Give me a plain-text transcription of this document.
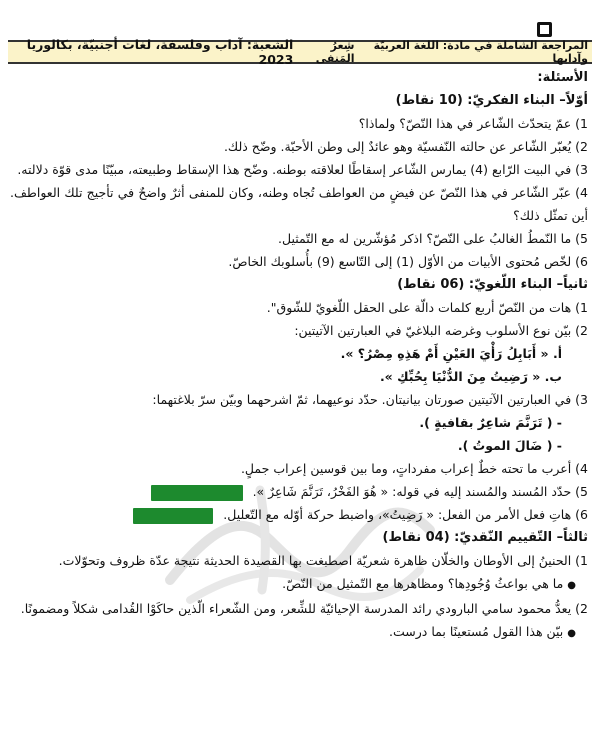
المراجعة الشاملة في مادة: اللغة العربيّة وآدابها
شِعرُ المَنفى
الشعبة: آداب وفلسفة، لغات أجنبيّة، بكالوريا 2023
الأسئلة:
أوّلاً– البناء الفكريّ: (10 نقاط)
1) عمّ يتحدّث الشّاعر في هذا النّصّ؟ ولماذا؟
2) يُعبّر الشّاعر عن حالته النّفسيّة وهو عائدٌ إلى وطن الأحبّة. وضّح ذلك.
3) في البيت الرّابع (4) يمارس الشّاعر إسقاطًا لعلاقته بوطنه. وضّح هذا الإسقاط وطبيعته، مبيّنًا مدى قوّة دلالته.
4) عبّر الشّاعر في هذا النّصّ عن فيضٍ من العواطف تُجاه وطنه، وكان للمنفى أثرٌ واضحٌ في تأجيج تلك العواطف. أين تمثّل ذلك؟
5) ما النّمطُ الغالبُ على النّصّ؟ اذكر مُؤشّرين له مع التّمثيل.
6) لخّص مُحتوى الأبيات من الأوّل (1) إلى التّاسع (9) بأُسلوبك الخاصّ.
ثانياً– البناء اللّغويّ: (06 نقاط)
1) هات من النّصّ أربع كلمات دالّة على الحقل اللّغويّ للشّوق".
2) بيّن نوع الأسلوب وغرضه البلاغيّ في العبارتين الآتيتين:
أ. « أَبَابِلُ رَأْيَ العَيْنِ أَمْ هَذِهِ مِصْرُ؟ ».
ب. « رَضِيتُ مِنَ الدُّنْيَا بِحُبِّكِ ».
3) في العبارتين الآتيتين صورتان بيانيتان. حدّد نوعيهما، ثمّ اشرحهما وبيّن سرّ بلاغتهما:
- ( تَرَنَّمَ شاعِرٌ بقافيةٍ ).
- ( ضَالَ الموتُ ).
4) أعرب ما تحته خطٌ إعراب مفرداتٍ، وما بين قوسين إعراب جملٍ.
5) حدّد المُسند والمُسند إليه في قوله: « هُوَ الفَخْرُ، تَرَنَّمَ شَاعِرٌ ».
6) هاتِ فعل الأمر من الفعل: « رَضِيتُ»، واضبط حركة أوّله مع التّعليل.
ثالثاً– التّقييم النّقديّ: (04 نقاط)
1) الحنينُ إلى الأوطان والخلّان ظاهرة شعريّة اصطبغت بها القصيدة الحديثة نتيجة عدّة ظروف وتحوّلات.
● ما هي بواعثُ وُجُودِها؟ ومظاهرها مع التّمثيل من النّصّ.
2) يعدُّ محمود سامي البارودي رائد المدرسة الإحيائيّة للشِّعر، ومن الشّعراء الّذين حاكَوْا القُدامى شكلاً ومضمونًا.
● بيّن هذا القول مُستعينًا بما درست.
